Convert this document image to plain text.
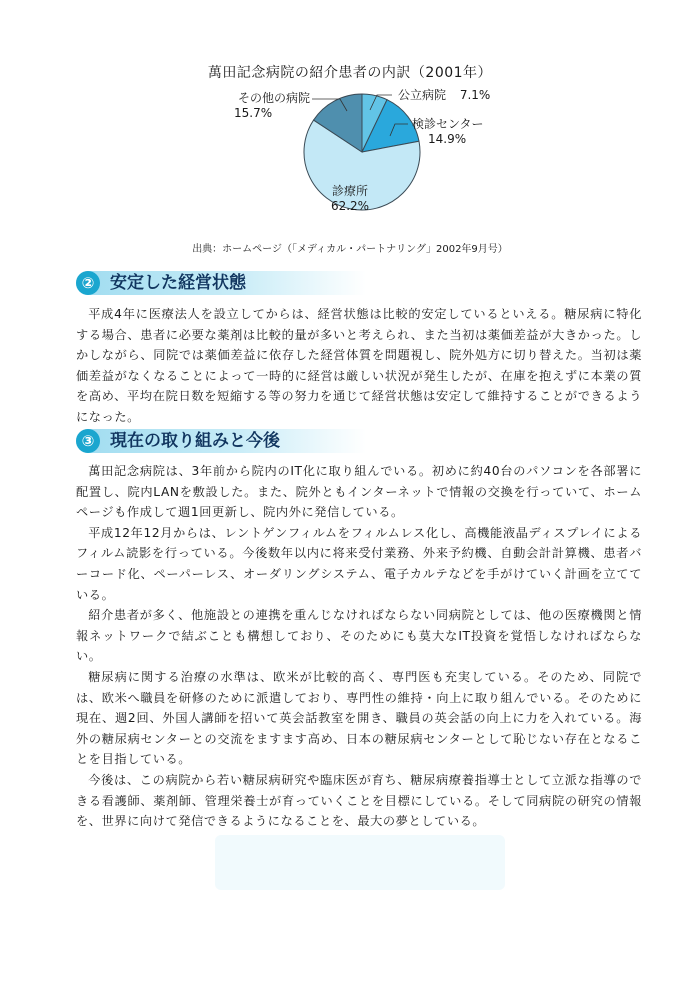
萬田記念病院の紹介患者の内訳（2001年）
その他の病院
15.7%
公立病院 7.1%
検診センター
14.9%
診療所
62.2%
出典：ホームページ（「メディカル・パートナリング」2002年9月号）
② 安定した経営状態

平成4年に医療法人を設立してからは、経営状態は比較的安定しているといえる。糖尿病に特化する場合、患者に必要な薬剤は比較的量が多いと考えられ、また当初は薬価差益が大きかった。しかしながら、同院では薬価差益に依存した経営体質を問題視し、院外処方に切り替えた。当初は薬価差益がなくなることによって一時的に経営は厳しい状況が発生したが、在庫を抱えずに本業の質を高め、平均在院日数を短縮する等の努力を通じて経営状態は安定して維持することができるようになった。

③ 現在の取り組みと今後

萬田記念病院は、3年前から院内のIT化に取り組んでいる。初めに約40台のパソコンを各部署に配置し、院内LANを敷設した。また、院外ともインターネットで情報の交換を行っていて、ホームページも作成して週1回更新し、院内外に発信している。

平成12年12月からは、レントゲンフィルムをフィルムレス化し、高機能液晶ディスプレイによるフィルム読影を行っている。今後数年以内に将来受付業務、外来予約機、自動会計計算機、患者バーコード化、ペーパーレス、オーダリングシステム、電子カルテなどを手がけていく計画を立てている。

紹介患者が多く、他施設との連携を重んじなければならない同病院としては、他の医療機関と情報ネットワークで結ぶことも構想しており、そのためにも莫大なIT投資を覚悟しなければならない。

糖尿病に関する治療の水準は、欧米が比較的高く、専門医も充実している。そのため、同院では、欧米へ職員を研修のために派遣しており、専門性の維持・向上に取り組んでいる。そのために現在、週2回、外国人講師を招いて英会話教室を開き、職員の英会話の向上に力を入れている。海外の糖尿病センターとの交流をますます高め、日本の糖尿病センターとして恥じない存在となることを目指している。

今後は、この病院から若い糖尿病研究や臨床医が育ち、糖尿病療養指導士として立派な指導のできる看護師、薬剤師、管理栄養士が育っていくことを目標にしている。そして同病院の研究の情報を、世界に向けて発信できるようになることを、最大の夢としている。
